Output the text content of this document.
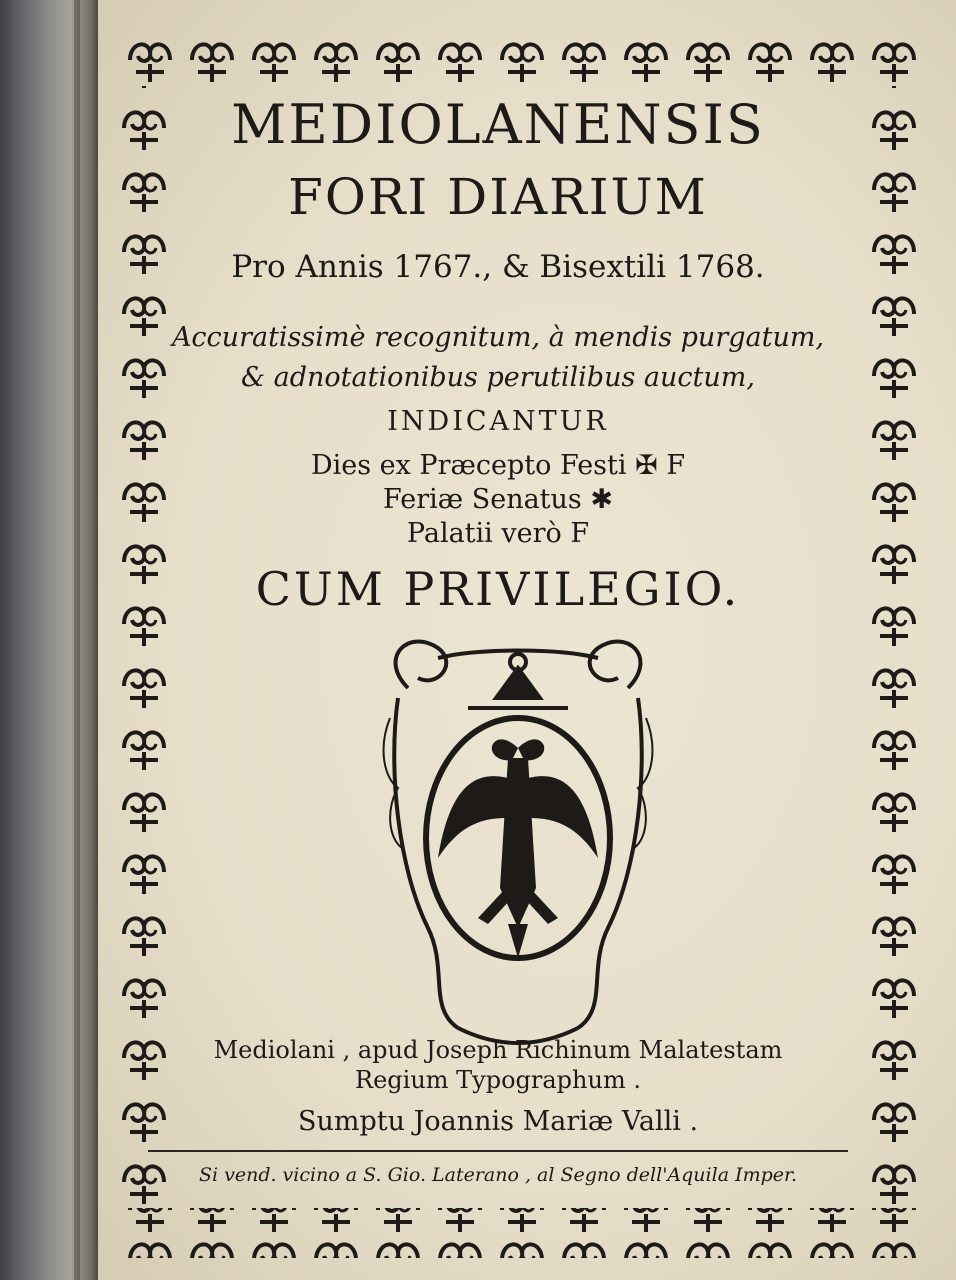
MEDIOLANENSIS
FORI DIARIUM
Pro Annis 1767., & Bisextili 1768.
Accuratissimè recognitum, à mendis purgatum,
& adnotationibus perutilibus auctum,
INDICANTUR
Dies ex Præcepto Festi ✠ F
Feriæ Senatus ✱
Palatii verò F
CUM PRIVILEGIO.
Mediolani , apud Joseph Richinum Malatestam
Regium Typographum .
Sumptu Joannis Mariæ Valli .
Si vend. vicino a S. Gio. Laterano , al Segno dell'Aquila Imper.
